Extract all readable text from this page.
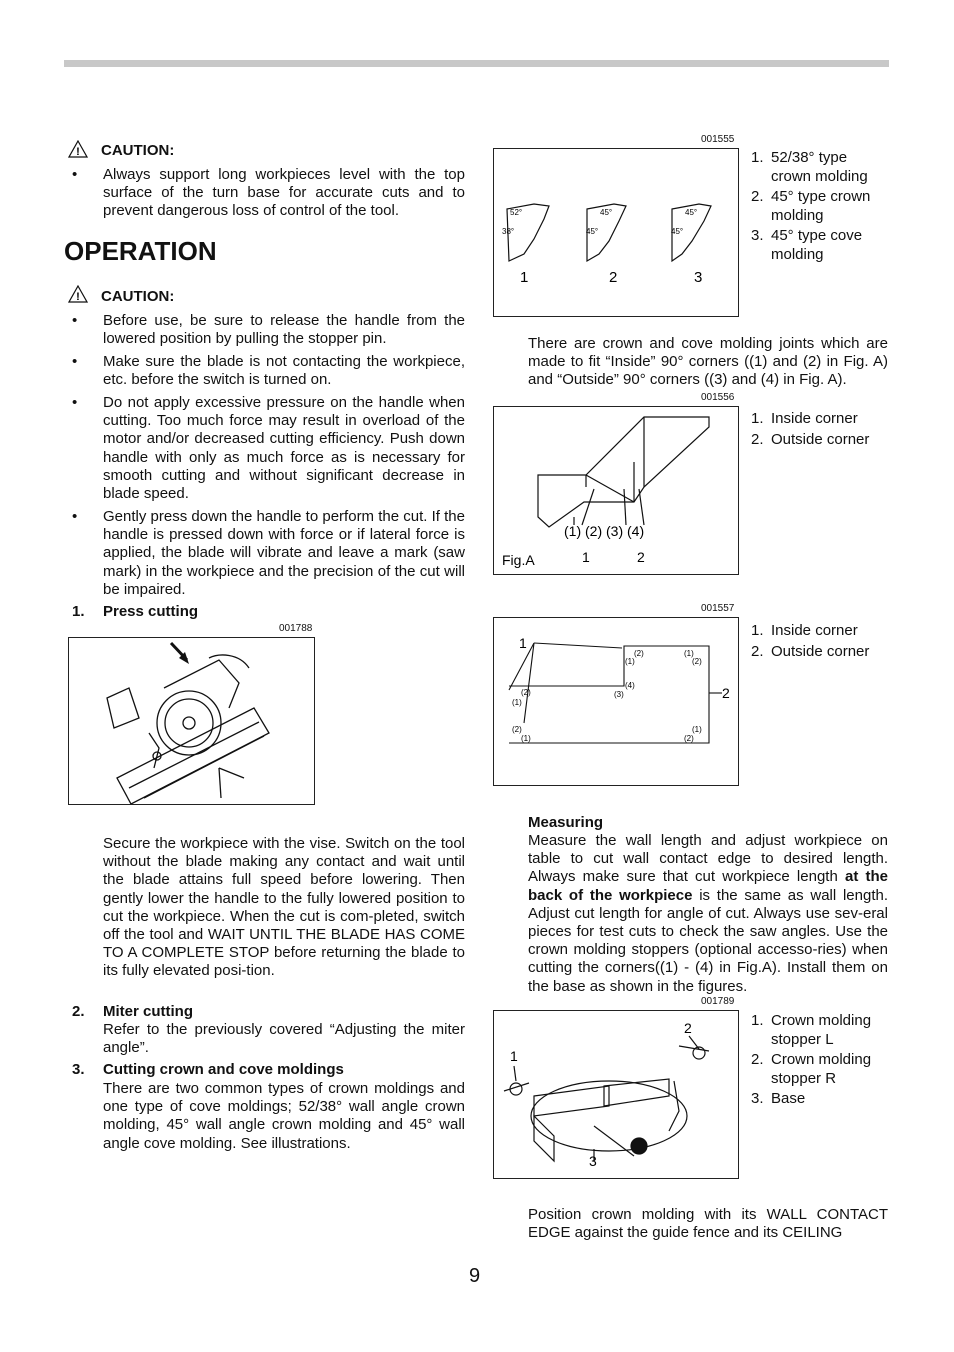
! CAUTION:
• Always support long workpieces level with the top surface of the turn base for accurate cuts and to prevent dangerous loss of control of the tool.
OPERATION
! CAUTION:
• Before use, be sure to release the handle from the lowered position by pulling the stopper pin.
• Make sure the blade is not contacting the workpiece, etc. before the switch is turned on.
• Do not apply excessive pressure on the handle when cutting. Too much force may result in overload of the motor and/or decreased cutting efficiency. Push down handle with only as much force as is necessary for smooth cutting and without significant decrease in blade speed.
• Gently press down the handle to perform the cut. If the handle is pressed down with force or if lateral force is applied, the blade will vibrate and leave a mark (saw mark) in the workpiece and the precision of the cut will be impaired.
1. Press cutting
001788
Secure the workpiece with the vise. Switch on the tool without the blade making any contact and wait until the blade attains full speed before lowering. Then gently lower the handle to the fully lowered position to cut the workpiece. When the cut is com-pleted, switch off the tool and WAIT UNTIL THE BLADE HAS COME TO A COMPLETE STOP before returning the blade to its fully elevated posi-tion.
2. Miter cutting
Refer to the previously covered “Adjusting the miter angle”.
3. Cutting crown and cove moldings
There are two common types of crown moldings and one type of cove moldings; 52/38° wall angle crown molding, 45° wall angle crown molding and 45° wall angle cove molding. See illustrations.
001555
52°
38°
45°
45°
45°
45°
1	2	3
1. 52/38° type crown molding
2. 45° type crown molding
3. 45° type cove molding
There are crown and cove molding joints which are made to fit “Inside” 90° corners ((1) and (2) in Fig. A) and “Outside” 90° corners ((3) and (4) in Fig. A).
001556
(1) (2) (3) (4)
1	2
Fig.A
1. Inside corner
2. Outside corner
001557
1
2
(2)
(1)
(1)
(2)
(4)
(3)
(2)
(1)
(2)
(1)
(1)
(2)
1. Inside corner
2. Outside corner
Measuring
Measure the wall length and adjust workpiece on table to cut wall contact edge to desired length. Always make sure that cut workpiece length at the back of the workpiece is the same as wall length. Adjust cut length for angle of cut. Always use sev-eral pieces for test cuts to check the saw angles. Use the crown molding stoppers (optional accesso-ries) when cutting the corners((1) - (4) in Fig.A). Install them on the base as shown in the figures.
001789
1
2
3
1. Crown molding stopper L
2. Crown molding stopper R
3. Base
Position crown molding with its WALL CONTACT EDGE against the guide fence and its CEILING
9
